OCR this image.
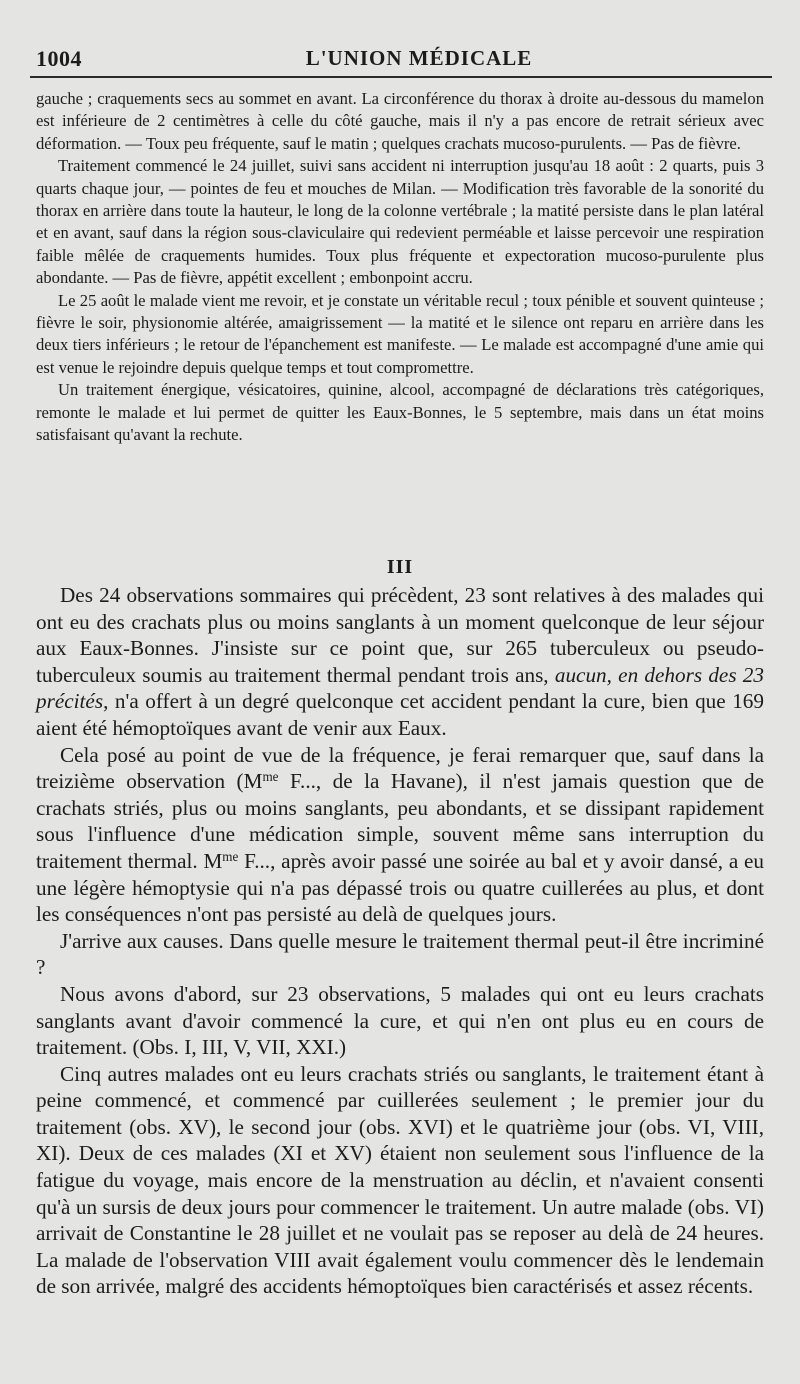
1004	L'UNION MÉDICALE

gauche ; craquements secs au sommet en avant. La circonférence du thorax à droite au-dessous du mamelon est inférieure de 2 centimètres à celle du côté gauche, mais il n'y a pas encore de retrait sérieux avec déformation. — Toux peu fréquente, sauf le matin ; quelques crachats mucoso-purulents. — Pas de fièvre.

Traitement commencé le 24 juillet, suivi sans accident ni interruption jusqu'au 18 août : 2 quarts, puis 3 quarts chaque jour, — pointes de feu et mouches de Milan. — Modification très favorable de la sonorité du thorax en arrière dans toute la hauteur, le long de la colonne vertébrale ; la matité persiste dans le plan latéral et en avant, sauf dans la région sous-claviculaire qui redevient perméable et laisse percevoir une respiration faible mêlée de craquements humides. Toux plus fréquente et expectoration mucoso-purulente plus abondante. — Pas de fièvre, appétit excellent ; embonpoint accru.

Le 25 août le malade vient me revoir, et je constate un véritable recul ; toux pénible et souvent quinteuse ; fièvre le soir, physionomie altérée, amaigrissement — la matité et le silence ont reparu en arrière dans les deux tiers inférieurs ; le retour de l'épanchement est manifeste. — Le malade est accompagné d'une amie qui est venue le rejoindre depuis quelque temps et tout compromettre.

Un traitement énergique, vésicatoires, quinine, alcool, accompagné de déclarations très catégoriques, remonte le malade et lui permet de quitter les Eaux-Bonnes, le 5 septembre, mais dans un état moins satisfaisant qu'avant la rechute.

III

Des 24 observations sommaires qui précèdent, 23 sont relatives à des malades qui ont eu des crachats plus ou moins sanglants à un moment quelconque de leur séjour aux Eaux-Bonnes. J'insiste sur ce point que, sur 265 tuberculeux ou pseudo-tuberculeux soumis au traitement thermal pendant trois ans, aucun, en dehors des 23 précités, n'a offert à un degré quelconque cet accident pendant la cure, bien que 169 aient été hémoptoïques avant de venir aux Eaux.

Cela posé au point de vue de la fréquence, je ferai remarquer que, sauf dans la treizième observation ($M^{me}$ F..., de la Havane), il n'est jamais question que de crachats striés, plus ou moins sanglants, peu abondants, et se dissipant rapidement sous l'influence d'une médication simple, souvent même sans interruption du traitement thermal. $M^{me}$ F..., après avoir passé une soirée au bal et y avoir dansé, a eu une légère hémoptysie qui n'a pas dépassé trois ou quatre cuillerées au plus, et dont les conséquences n'ont pas persisté au delà de quelques jours.

J'arrive aux causes. Dans quelle mesure le traitement thermal peut-il être incriminé ?

Nous avons d'abord, sur 23 observations, 5 malades qui ont eu leurs crachats sanglants avant d'avoir commencé la cure, et qui n'en ont plus eu en cours de traitement. (Obs. I, III, V, VII, XXI.)

Cinq autres malades ont eu leurs crachats striés ou sanglants, le traitement étant à peine commencé, et commencé par cuillerées seulement ; le premier jour du traitement (obs. XV), le second jour (obs. XVI) et le quatrième jour (obs. VI, VIII, XI). Deux de ces malades (XI et XV) étaient non seulement sous l'influence de la fatigue du voyage, mais encore de la menstruation au déclin, et n'avaient consenti qu'à un sursis de deux jours pour commencer le traitement. Un autre malade (obs. VI) arrivait de Constantine le 28 juillet et ne voulait pas se reposer au delà de 24 heures. La malade de l'observation VIII avait également voulu commencer dès le lendemain de son arrivée, malgré des accidents hémoptoïques bien caractérisés et assez récents.
